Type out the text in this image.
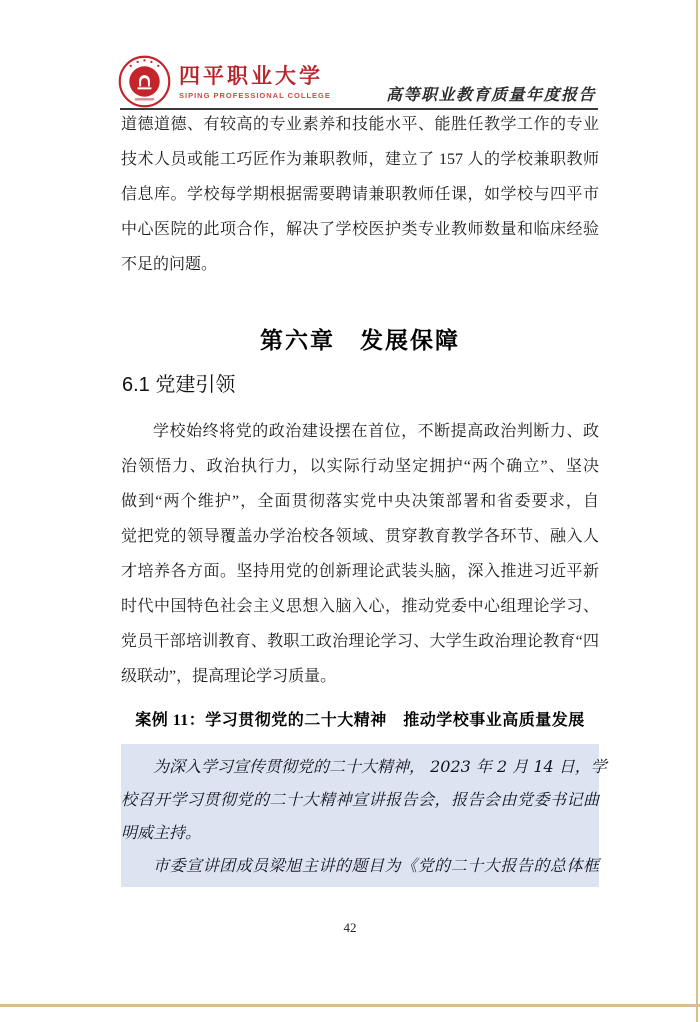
四平职业大学
SIPING PROFESSIONAL COLLEGE	高等职业教育质量年度报告
道德道德、有较高的专业素养和技能水平、能胜任教学工作的专业
技术人员或能工巧匠作为兼职教师，建立了 157 人的学校兼职教师
信息库。学校每学期根据需要聘请兼职教师任课，如学校与四平市
中心医院的此项合作，解决了学校医护类专业教师数量和临床经验
不足的问题。
第六章　发展保障
6.1 党建引领
学校始终将党的政治建设摆在首位，不断提高政治判断力、政
治领悟力、政治执行力，以实际行动坚定拥护“两个确立”、坚决
做到“两个维护”，全面贯彻落实党中央决策部署和省委要求，自
觉把党的领导覆盖办学治校各领域、贯穿教育教学各环节、融入人
才培养各方面。坚持用党的创新理论武装头脑，深入推进习近平新
时代中国特色社会主义思想入脑入心，推动党委中心组理论学习、
党员干部培训教育、教职工政治理论学习、大学生政治理论教育“四
级联动”，提高理论学习质量。
案例 11：学习贯彻党的二十大精神　推动学校事业高质量发展
为深入学习宣传贯彻党的二十大精神， 2023 年 2 月 14 日，学
校召开学习贯彻党的二十大精神宣讲报告会，报告会由党委书记曲
明威主持。
市委宣讲团成员梁旭主讲的题目为《党的二十大报告的总体框
42
